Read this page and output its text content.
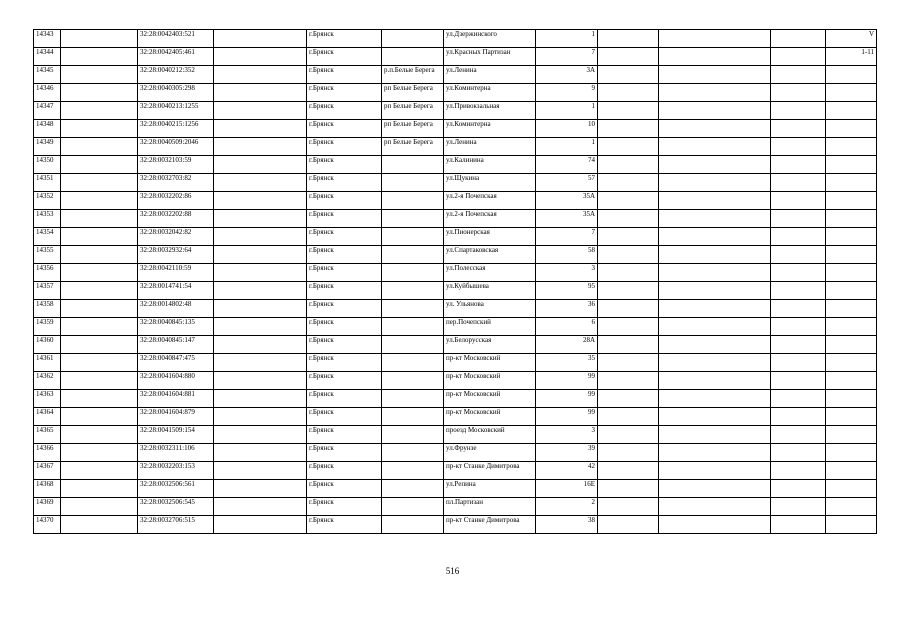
14343		32:28:0042403:521		г.Брянск		ул.Дзержинского	1				V
14344		32:28:0042405:461		г.Брянск		ул.Красных Партизан	7				1-11
14345		32:28:0040212:352		г.Брянск	р.п.Белые Берега	ул.Ленина	3А				
14346		32:28:0040305:298		г.Брянск	рп Белые Берега	ул.Коминтерна	9				
14347		32:28:0040213:1255		г.Брянск	рп Белые Берега	ул.Привокзальная	1				
14348		32:28:0040215:1256		г.Брянск	рп Белые Берега	ул.Коминтерна	10				
14349		32:28:0040509:2046		г.Брянск	рп Белые Берега	ул.Ленина	1				
14350		32:28:0032103:59		г.Брянск		ул.Калинина	74				
14351		32:28:0032703:82		г.Брянск		ул.Щукина	57				
14352		32:28:0032202:86		г.Брянск		ул.2-я Почепская	35А				
14353		32:28:0032202:88		г.Брянск		ул.2-я Почепская	35А				
14354		32:28:0032042:82		г.Брянск		ул.Пионерская	7				
14355		32:28:0032932:64		г.Брянск		ул.Спартаковская	58				
14356		32:28:0042110:59		г.Брянск		ул.Полесская	3				
14357		32:28:0014741:54		г.Брянск		ул.Куйбышева	95				
14358		32:28:0014802:48		г.Брянск		ул. Ульянова	36				
14359		32:28:0040845:135		г.Брянск		пер.Почепский	6				
14360		32:28:0040845:147		г.Брянск		ул.Белорусская	28А				
14361		32:28:0040847:475		г.Брянск		пр-кт Московский	35				
14362		32:28:0041604:880		г.Брянск		пр-кт Московский	99				
14363		32:28:0041604:881		г.Брянск		пр-кт Московский	99				
14364		32:28:0041604:879		г.Брянск		пр-кт Московский	99				
14365		32:28:0041509:154		г.Брянск		проезд Московский	3				
14366		32:28:0032311:106		г.Брянск		ул.Фрунзе	39				
14367		32:28:0032203:153		г.Брянск		пр-кт Станке Димитрова	42				
14368		32:28:0032506:561		г.Брянск		ул.Репина	16Е				
14369		32:28:0032506:545		г.Брянск		пл.Партизан	2				
14370		32:28:0032706:515		г.Брянск		пр-кт Станке Димитрова	38				
516
